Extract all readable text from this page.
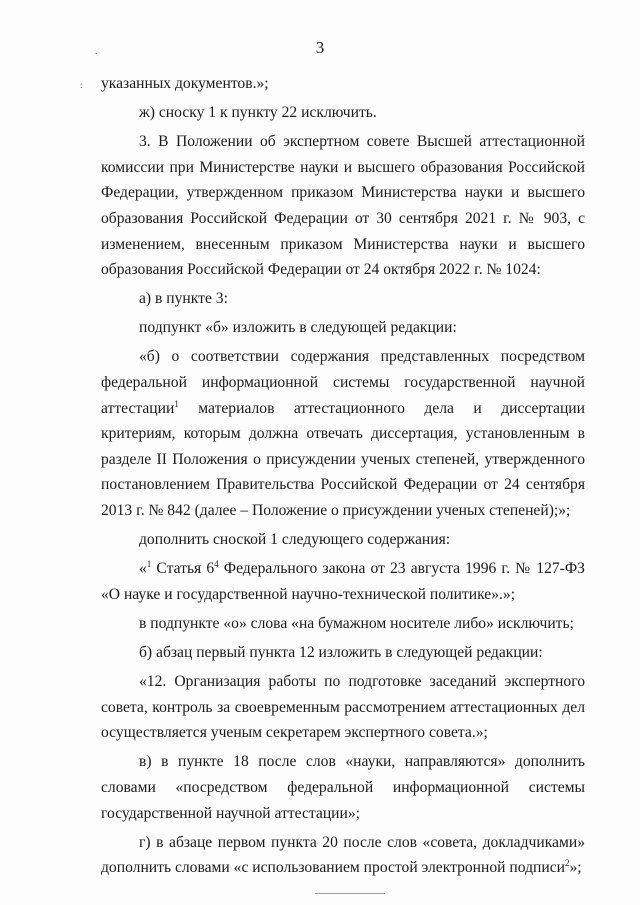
.	3
: указанных документов.»;

ж) сноску 1 к пункту 22 исключить.

3. В Положении об экспертном совете Высшей аттестационной комиссии при Министерстве науки и высшего образования Российской Федерации, утвержденном приказом Министерства науки и высшего образования Российской Федерации от 30 сентября 2021 г. № 903, с изменением, внесенным приказом Министерства науки и высшего образования Российской Федерации от 24 октября 2022 г. № 1024:

а) в пункте 3:

подпункт «б» изложить в следующей редакции:

«б) о соответствии содержания представленных посредством федеральной информационной системы государственной научной аттестации$^1$ материалов аттестационного дела и диссертации критериям, которым должна отвечать диссертация, установленным в разделе II Положения о присуждении ученых степеней, утвержденного постановлением Правительства Российской Федерации от 24 сентября 2013 г. № 842 (далее – Положение о присуждении ученых степеней);»;

дополнить сноской 1 следующего содержания:

«$^1$ Статья $6^4$ Федерального закона от 23 августа 1996 г. № 127-ФЗ «О науке и государственной научно-технической политике».»;

в подпункте «о» слова «на бумажном носителе либо» исключить;

б) абзац первый пункта 12 изложить в следующей редакции:

«12. Организация работы по подготовке заседаний экспертного совета, контроль за своевременным рассмотрением аттестационных дел осуществляется ученым секретарем экспертного совета.»;

в) в пункте 18 после слов «науки, направляются» дополнить словами «посредством федеральной информационной системы государственной научной аттестации»;

г) в абзаце первом пункта 20 после слов «совета, докладчиками» дополнить словами «с использованием простой электронной подписи$^2$»;
